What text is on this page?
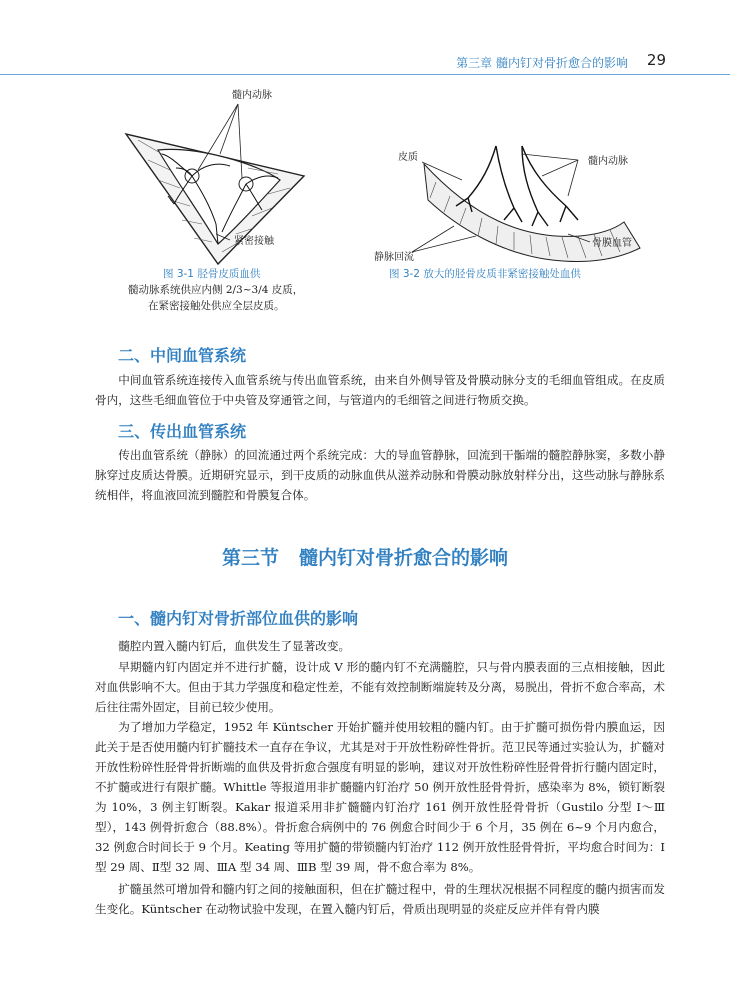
第三章 髓内钉对骨折愈合的影响 29
髓内动脉
紧密接触
图 3-1 胫骨皮质血供
髓动脉系统供应内侧 2/3~3/4 皮质，
在紧密接触处供应全层皮质。
皮质	髓内动脉
骨膜血管
静脉回流
图 3-2 放大的胫骨皮质非紧密接触处血供
二、中间血管系统
中间血管系统连接传入血管系统与传出血管系统，由来自外侧导管及骨膜动脉分支的毛细血管组成。在皮质骨内，这些毛细血管位于中央管及穿通管之间，与管道内的毛细管之间进行物质交换。
三、传出血管系统
传出血管系统（静脉）的回流通过两个系统完成：大的导血管静脉，回流到干骺端的髓腔静脉窦，多数小静脉穿过皮质达骨膜。近期研究显示，到干皮质的动脉血供从滋养动脉和骨膜动脉放射样分出，这些动脉与静脉系统相伴，将血液回流到髓腔和骨膜复合体。
第三节 髓内钉对骨折愈合的影响
一、髓内钉对骨折部位血供的影响
髓腔内置入髓内钉后，血供发生了显著改变。
早期髓内钉内固定并不进行扩髓，设计成 V 形的髓内钉不充满髓腔，只与骨内膜表面的三点相接触，因此对血供影响不大。但由于其力学强度和稳定性差，不能有效控制断端旋转及分离，易脱出，骨折不愈合率高，术后往往需外固定，目前已较少使用。
为了增加力学稳定，1952 年 Küntscher 开始扩髓并使用较粗的髓内钉。由于扩髓可损伤骨内膜血运，因此关于是否使用髓内钉扩髓技术一直存在争议，尤其是对于开放性粉碎性骨折。范卫民等通过实验认为，扩髓对开放性粉碎性胫骨骨折断端的血供及骨折愈合强度有明显的影响，建议对开放性粉碎性胫骨骨折行髓内固定时，不扩髓或进行有限扩髓。Whittle 等报道用非扩髓髓内钉治疗 50 例开放性胫骨骨折，感染率为 8%，锁钉断裂为 10%，3 例主钉断裂。Kakar 报道采用非扩髓髓内钉治疗 161 例开放性胫骨骨折（Gustilo 分型 Ⅰ～Ⅲ型），143 例骨折愈合（88.8%）。骨折愈合病例中的 76 例愈合时间少于 6 个月，35 例在 6~9 个月内愈合，32 例愈合时间长于 9 个月。Keating 等用扩髓的带锁髓内钉治疗 112 例开放性胫骨骨折，平均愈合时间为：Ⅰ型 29 周、Ⅱ型 32 周、ⅢA 型 34 周、ⅢB 型 39 周，骨不愈合率为 8%。
扩髓虽然可增加骨和髓内钉之间的接触面积，但在扩髓过程中，骨的生理状况根据不同程度的髓内损害而发生变化。Küntscher 在动物试验中发现，在置入髓内钉后，骨质出现明显的炎症反应并伴有骨内膜
